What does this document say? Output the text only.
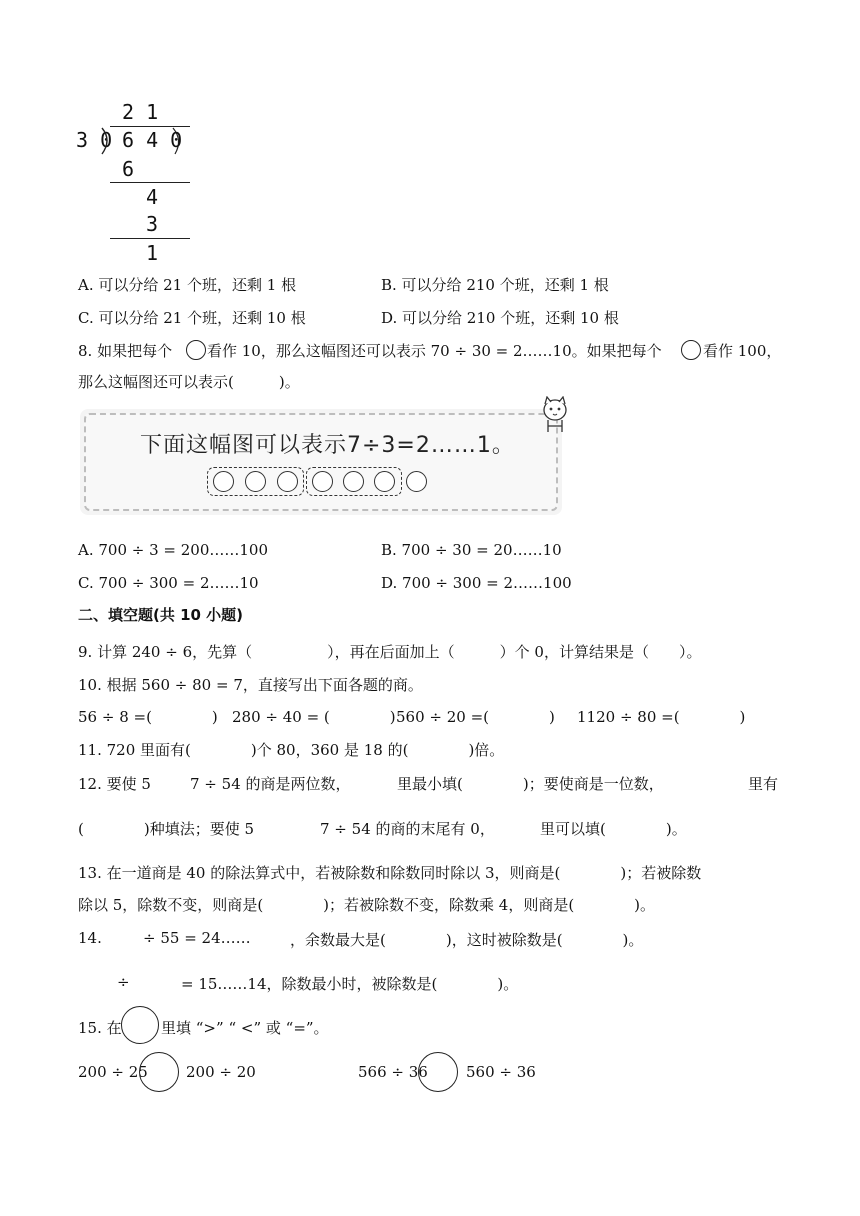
2 1
3 0 6 4 0
6
4
3
1
A. 可以分给 21 个班，还剩 1 根	B. 可以分给 210 个班，还剩 1 根
C. 可以分给 21 个班，还剩 10 根	D. 可以分给 210 个班，还剩 10 根
8. 如果把每个 看作 10，那么这幅图还可以表示 70 ÷ 30 = 2……10。如果把每个	看作 100，
那么这幅图还可以表示(　　　)。
下面这幅图可以表示7÷3=2……1。
A. 700 ÷ 3 = 200……100	B. 700 ÷ 30 = 20……10
C. 700 ÷ 300 = 2……10	D. 700 ÷ 300 = 2……100
二、填空题(共 10 小题)
9. 计算 240 ÷ 6，先算（　　　　　），再在后面加上（　　　）个 0，计算结果是（　　）。
10. 根据 560 ÷ 80 = 7，直接写出下面各题的商。
56 ÷ 8 =(　　　　) 280 ÷ 40 = (　　　　) 560 ÷ 20 =(　　　　) 1120 ÷ 80 =(　　　　)
11. 720 里面有(　　　　)个 80，360 是 18 的(　　　　)倍。
12. 要使 5	7 ÷ 54 的商是两位数，	里最小填(　　　　)；要使商是一位数，	里有
(　　　　)种填法；要使 5	7 ÷ 54 的商的末尾有 0，	里可以填(　　　　)。
13. 在一道商是 40 的除法算式中，若被除数和除数同时除以 3，则商是(　　　　)；若被除数
除以 5，除数不变，则商是(　　　　)；若被除数不变，除数乘 4，则商是(　　　　)。
14.	÷ 55 = 24……	，余数最大是(　　　　)，这时被除数是(　　　　)。
÷	= 15……14，除数最小时，被除数是(　　　　)。
15. 在	里填 “>” “ <” 或 “=”。
200 ÷ 25	200 ÷ 20	566 ÷ 36	560 ÷ 36
